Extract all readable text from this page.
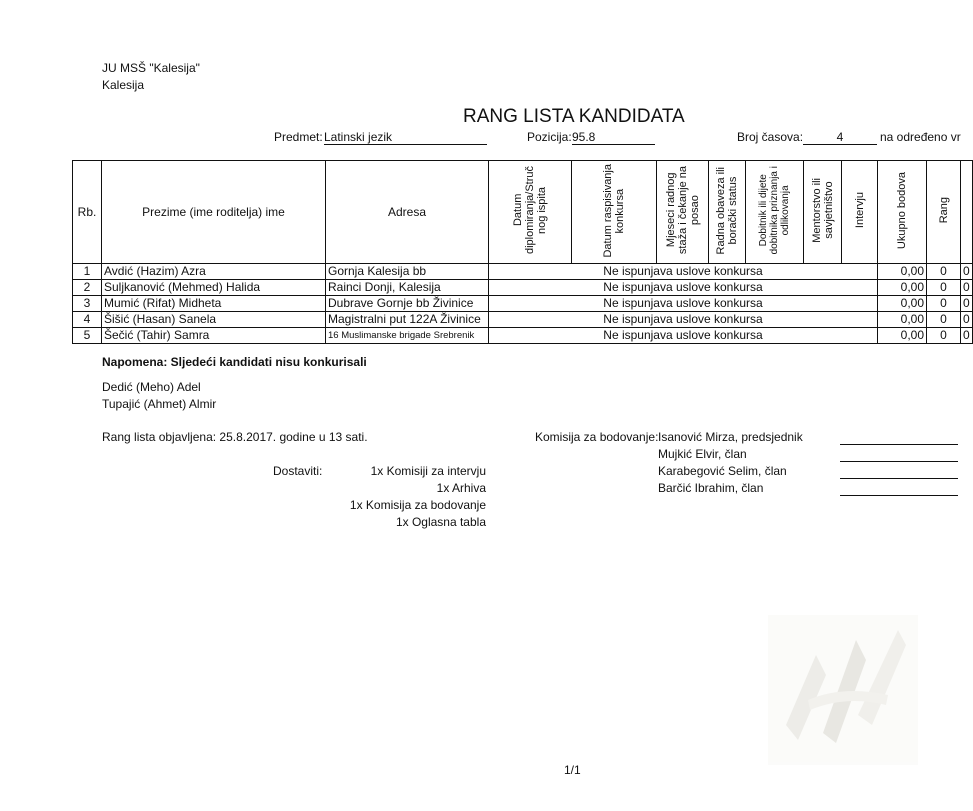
JU MSŠ "Kalesija"
Kalesija
RANG LISTA KANDIDATA
Predmet: Latinski jezik	Pozicija: 95.8	Broj časova:	4	na određeno vr
Rb.	Prezime (ime roditelja) ime	Adresa	Datum
diplomiranja/Struč
nog ispita	Datum raspisivanja
konkursa	Mjeseci radnog
staža i čekanje na
posao	Radna obaveza ili
borački status	Dobitnik ili dijete
dobitnika priznanja i
odlikovanja	Mentorstvo ili
savjetništvo	Intervju	Ukupno bodova	Rang	
1	Avdić (Hazim) Azra	Gornja Kalesija bb	Ne ispunjava uslove konkursa							0,00	0	0
2	Suljkanović (Mehmed) Halida	Rainci Donji, Kalesija	Ne ispunjava uslove konkursa							0,00	0	0
3	Mumić (Rifat) Midheta	Dubrave Gornje bb Živinice	Ne ispunjava uslove konkursa							0,00	0	0
4	Šišić (Hasan) Sanela	Magistralni put 122A Živinice	Ne ispunjava uslove konkursa							0,00	0	0
5	Šečić (Tahir) Samra	16 Muslimanske brigade Srebrenik	Ne ispunjava uslove konkursa							0,00	0	0
Napomena: Sljedeći kandidati nisu konkurisali
Dedić (Meho) Adel
Tupajić (Ahmet) Almir
Rang lista objavljena: 25.8.2017. godine u 13 sati.	Komisija za bodovanje: Isanović Mirza, predsjednik
Mujkić Elvir, član
Karabegović Selim, član
Barčić Ibrahim, član
Dostaviti:	1x Komisiji za intervju
1x Arhiva
1x Komisija za bodovanje
1x Oglasna tabla
1/1
